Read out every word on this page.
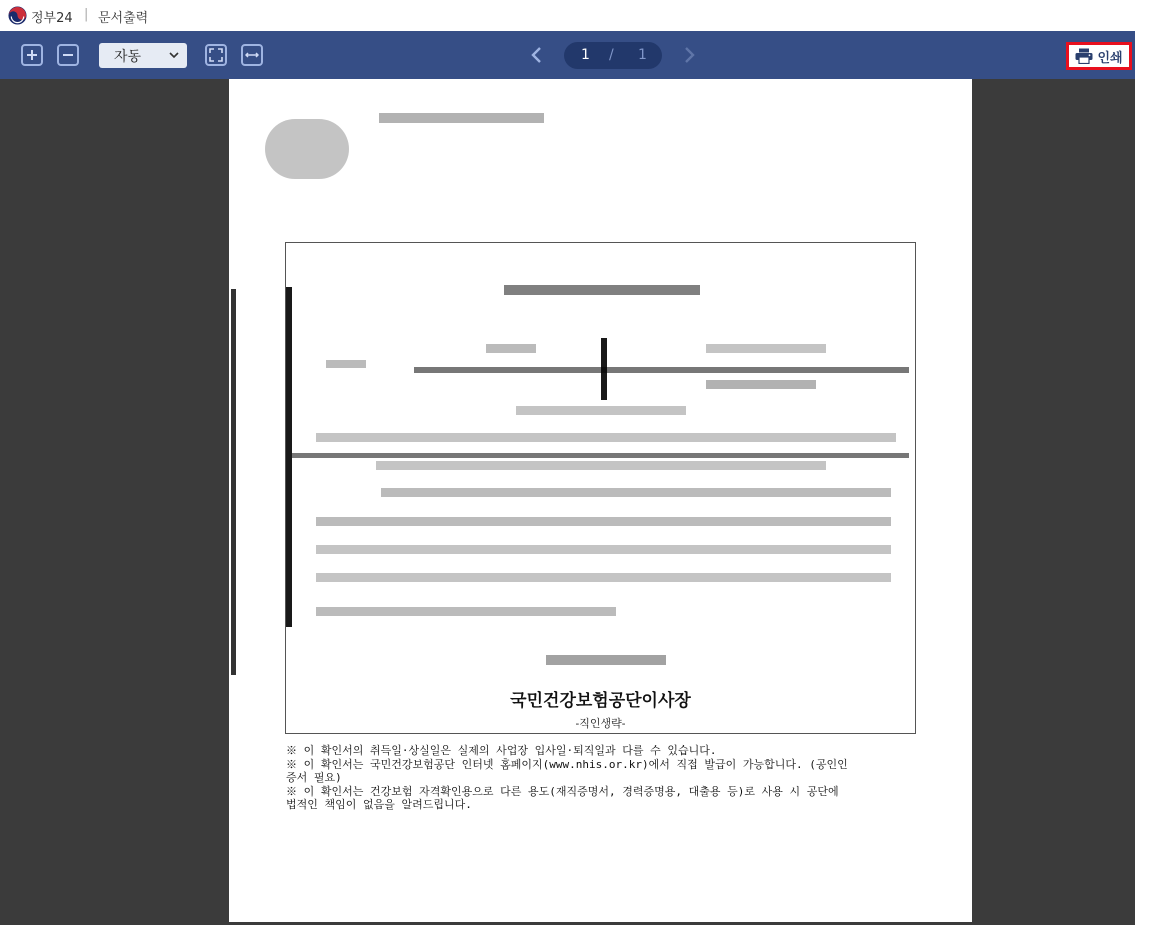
정부24 | 문서출력
자동	1 / 1	인쇄
국민건강보험공단이사장
-직인생략-
※ 이 확인서의 취득일·상실일은 실제의 사업장 입사일·퇴직일과 다를 수 있습니다.
※ 이 확인서는 국민건강보험공단 인터넷 홈페이지(www.nhis.or.kr)에서 직접 발급이 가능합니다. (공인인
증서 필요)
※ 이 확인서는 건강보험 자격확인용으로 다른 용도(재직증명서, 경력증명용, 대출용 등)로 사용 시 공단에
법적인 책임이 없음을 알려드립니다.
